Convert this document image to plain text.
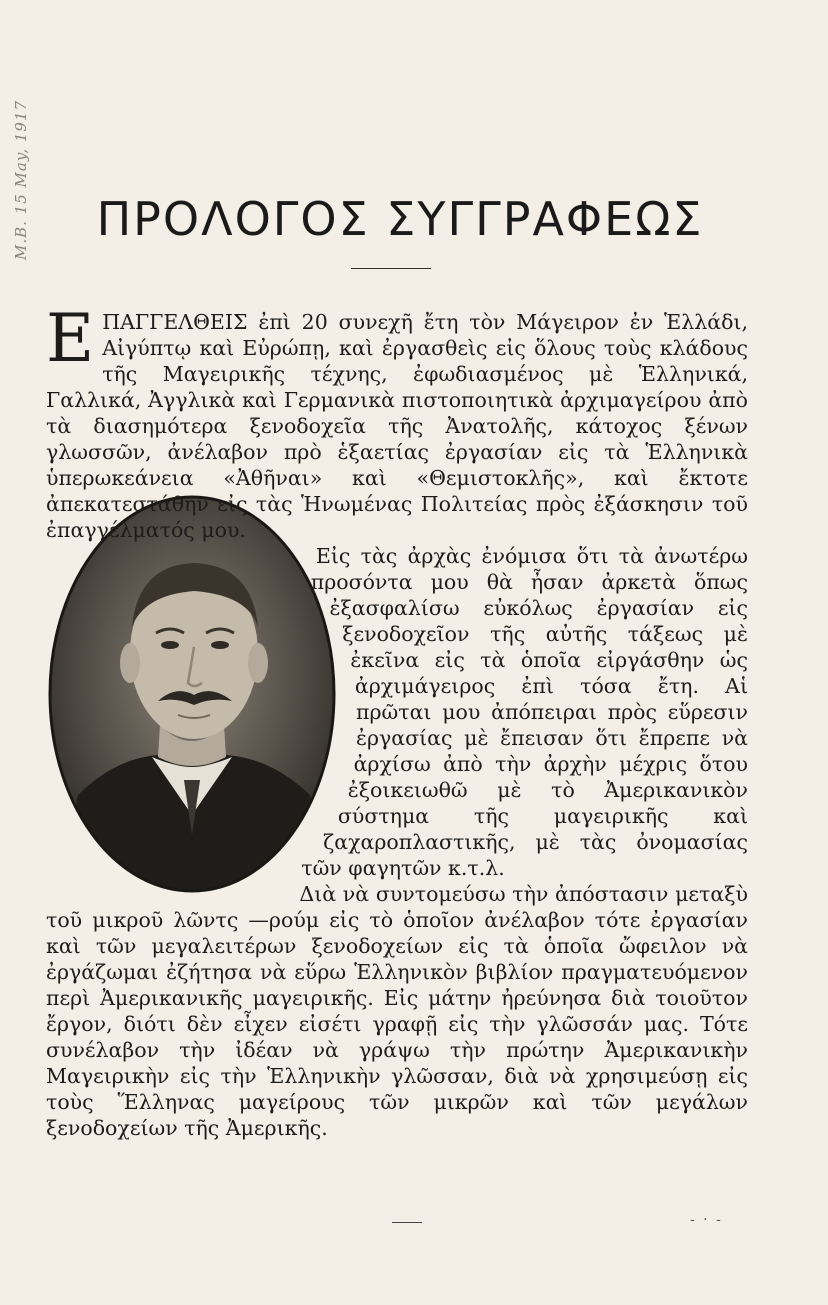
M.B. 15 May, 1917	ΠΡΟΛΟΓΟΣ ΣΥΓΓΡΑΦΕΩΣ

ΕΠΑΓΓΕΛΘΕΙΣ ἐπὶ 20 συνεχῆ ἔτη τὸν Μάγειρον ἐν Ἑλλάδι, Αἰγύπτῳ καὶ Εὐρώπῃ, καὶ ἐργασθεὶς εἰς ὅλους τοὺς κλάδους τῆς Μαγειρικῆς τέχνης, ἐφωδιασμένος μὲ Ἑλληνικά, Γαλλικά, Ἀγγλικὰ καὶ Γερμανικὰ πιστοποιητικὰ ἀρχιμαγείρου ἀπὸ τὰ διασημότερα ξενοδοχεῖα τῆς Ἀνατολῆς, κάτοχος ξένων γλωσσῶν, ἀνέλαβον πρὸ ἑξαετίας ἐργασίαν εἰς τὰ Ἑλληνικὰ ὑπερωκεάνεια «Ἀθῆναι» καὶ «Θεμιστοκλῆς», καὶ ἔκτοτε ἀπεκατεστάθην εἰς τὰς Ἡνωμένας Πολιτείας πρὸς ἐξάσκησιν τοῦ ἐπαγγέλματός μου.

Εἰς τὰς ἀρχὰς ἐνόμισα ὅτι τὰ ἀνωτέρω προσόντα μου θὰ ἦσαν ἀρκετὰ ὅπως ἐξασφαλίσω εὐκόλως ἐργασίαν εἰς ξενοδοχεῖον τῆς αὐτῆς τάξεως μὲ ἐκεῖνα εἰς τὰ ὁποῖα εἰργάσθην ὡς ἀρχιμάγειρος ἐπὶ τόσα ἔτη. Αἱ πρῶται μου ἀπόπειραι πρὸς εὕρεσιν ἐργασίας μὲ ἔπεισαν ὅτι ἔπρεπε νὰ ἀρχίσω ἀπὸ τὴν ἀρχὴν μέχρις ὅτου ἐξοικειωθῶ μὲ τὸ Ἀμερικανικὸν σύστημα τῆς μαγειρικῆς καὶ ζαχαροπλαστικῆς, μὲ τὰς ὀνομασίας τῶν φαγητῶν κ.τ.λ.

Διὰ νὰ συντομεύσω τὴν ἀπόστασιν μεταξὺ τοῦ μικροῦ λῶντς —ρούμ εἰς τὸ ὁποῖον ἀνέλαβον τότε ἐργασίαν καὶ τῶν μεγαλειτέρων ξενοδοχείων εἰς τὰ ὁποῖα ὤφειλον νὰ ἐργάζωμαι ἐζήτησα νὰ εὕρω Ἑλληνικὸν βιβλίον πραγματευόμενον περὶ Ἀμερικανικῆς μαγειρικῆς. Εἰς μάτην ἠρεύνησα διὰ τοιοῦτον ἔργον, διότι δὲν εἶχεν εἰσέτι γραφῇ εἰς τὴν γλῶσσάν μας. Τότε συνέλαβον τὴν ἰδέαν νὰ γράψω τὴν πρώτην Ἀμερικανικὴν Μαγειρικὴν εἰς τὴν Ἑλληνικὴν γλῶσσαν, διὰ νὰ χρησιμεύσῃ εἰς τοὺς Ἕλληνας μαγείρους τῶν μικρῶν καὶ τῶν μεγάλων ξενοδοχείων τῆς Ἀμερικῆς.

- · -
